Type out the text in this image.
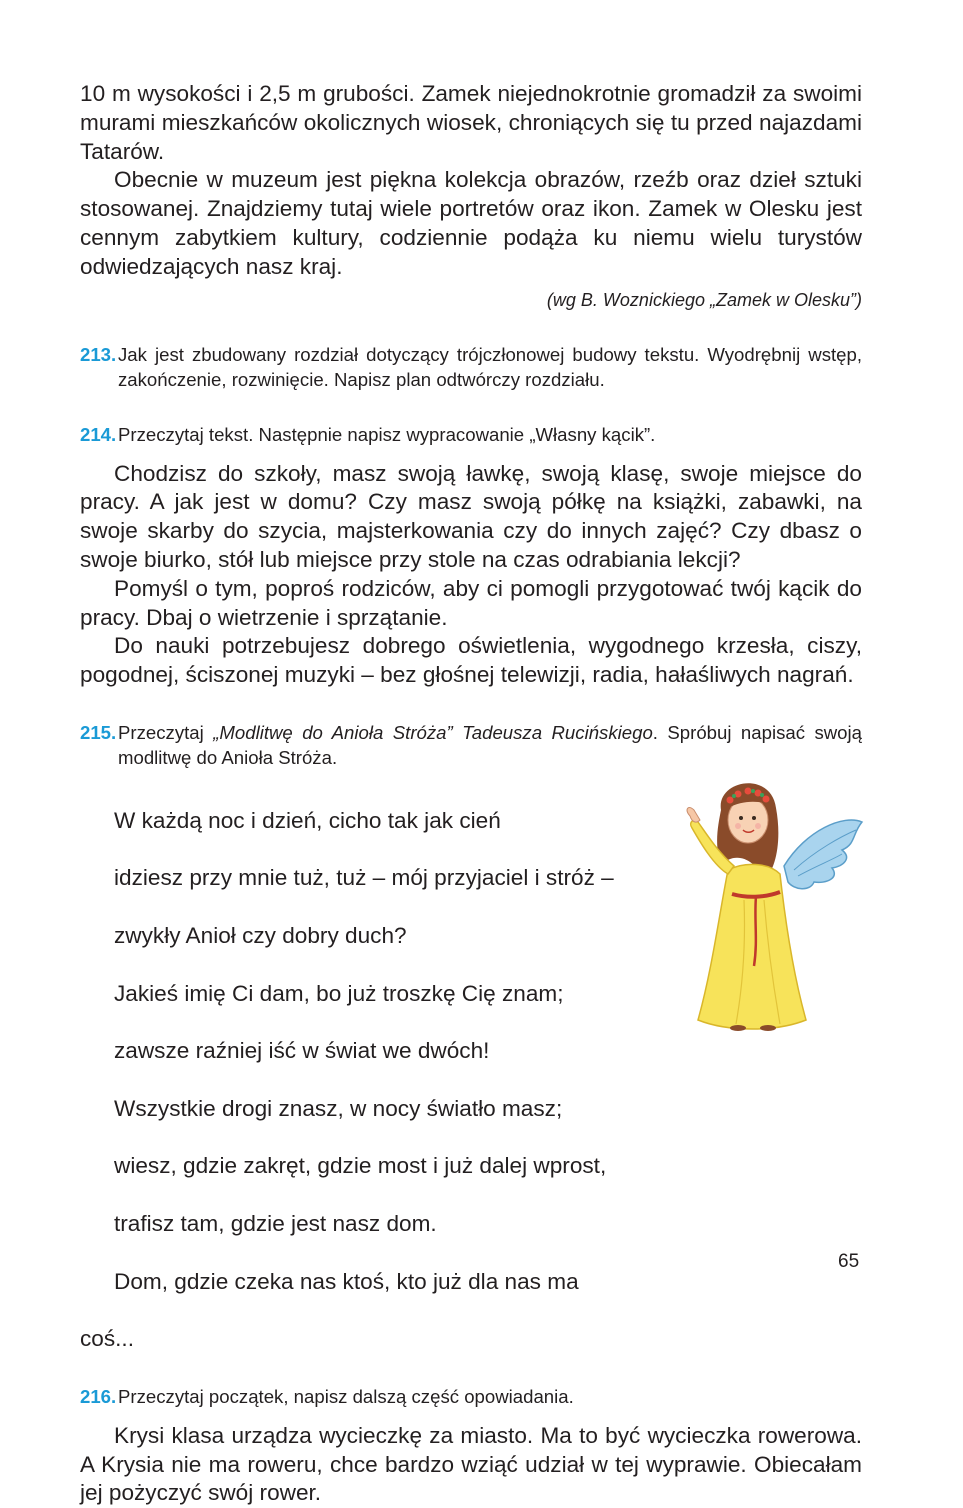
10 m wysokości i 2,5 m grubości. Zamek niejednokrotnie gromadził za swoimi murami mieszkańców okolicznych wiosek, chroniących się tu przed najazdami Tatarów.

Obecnie w muzeum jest piękna kolekcja obrazów, rzeźb oraz dzieł sztuki stosowanej. Znajdziemy tutaj wiele portretów oraz ikon. Zamek w Olesku jest cennym zabytkiem kultury, codziennie podąża ku niemu wielu turystów odwiedzających nasz kraj.

(wg B. Woznickiego „Zamek w Olesku”)

213.Jak jest zbudowany rozdział dotyczący trójczłonowej budowy tekstu. Wyodrębnij wstęp, zakończenie, rozwinięcie. Napisz plan odtwórczy rozdziału.

214.Przeczytaj tekst. Następnie napisz wypracowanie „Własny kącik”.

Chodzisz do szkoły, masz swoją ławkę, swoją klasę, swoje miejsce do pracy. A jak jest w domu? Czy masz swoją półkę na książki, zabawki, na swoje skarby do szycia, majsterkowania czy do innych zajęć? Czy dbasz o swoje biurko, stół lub miejsce przy stole na czas odrabiania lekcji?

Pomyśl o tym, poproś rodziców, aby ci pomogli przygotować twój kącik do pracy. Dbaj o wietrzenie i sprzątanie.

Do nauki potrzebujesz dobrego oświetlenia, wygodnego krzesła, ciszy, pogodnej, ściszonej muzyki – bez głośnej telewizji, radia, hałaśliwych nagrań.

215.Przeczytaj „Modlitwę do Anioła Stróża” Tadeusza Rucińskiego. Spróbuj napisać swoją modlitwę do Anioła Stróża.

W każdą noc i dzień, cicho tak jak cień

idziesz przy mnie tuż, tuż – mój przyjaciel i stróż –

zwykły Anioł czy dobry duch?

Jakieś imię Ci dam, bo już troszkę Cię znam;

zawsze raźniej iść w świat we dwóch!

Wszystkie drogi znasz, w nocy światło masz;

wiesz, gdzie zakręt, gdzie most i już dalej wprost,

trafisz tam, gdzie jest nasz dom.

Dom, gdzie czeka nas ktoś, kto już dla nas ma

coś...

216.Przeczytaj początek, napisz dalszą część opowiadania.

Krysi klasa urządza wycieczkę za miasto. Ma to być wycieczka rowerowa. A Krysia nie ma roweru, chce bardzo wziąć udział w tej wyprawie. Obiecałam jej pożyczyć swój rower.

65
